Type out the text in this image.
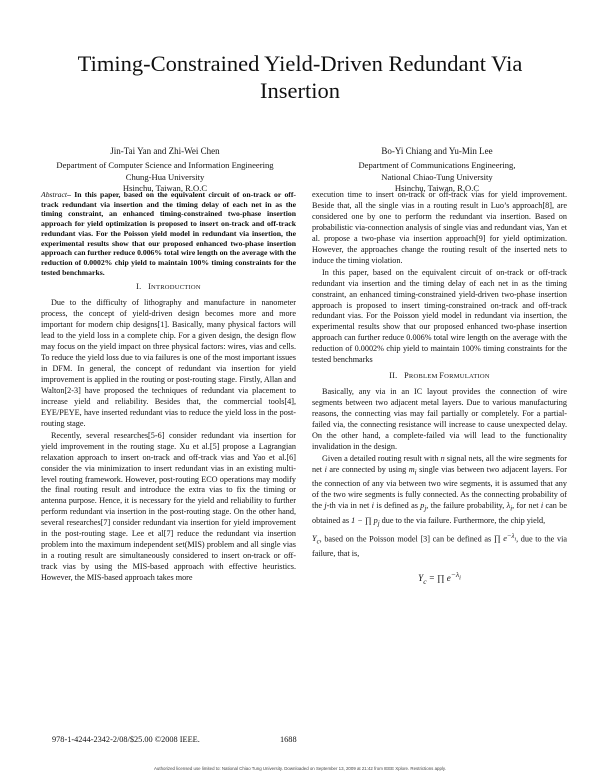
Timing-Constrained Yield-Driven Redundant Via Insertion
Jin-Tai Yan and Zhi-Wei Chen
Department of Computer Science and Information Engineering
Chung-Hua University
Hsinchu, Taiwan, R.O.C
Bo-Yi Chiang and Yu-Min Lee
Department of Communications Engineering,
National Chiao-Tung University
Hsinchu, Taiwan, R.O.C

Abstract– In this paper, based on the equivalent circuit of on-track or off-track redundant via insertion and the timing delay of each net in as the timing constraint, an enhanced timing-constrained two-phase insertion approach for yield optimization is proposed to insert on-track and off-track redundant vias. For the Poisson yield model in redundant via insertion, the experimental results show that our proposed enhanced two-phase insertion approach can further reduce 0.006% total wire length on the average with the reduction of 0.0002% chip yield to maintain 100% timing constraints for the tested benchmarks.

I. INTRODUCTION

Due to the difficulty of lithography and manufacture in nanometer process, the concept of yield-driven design becomes more and more important for modern chip designs[1]. Basically, many physical factors will lead to the yield loss in a complete chip. For a given design, the design flow may focus on the yield impact on three physical factors: wires, vias and cells. To reduce the yield loss due to via failures is one of the most important issues in DFM. In general, the concept of redundant via insertion for yield improvement is applied in the routing or post-routing stage. Firstly, Allan and Walton[2-3] have proposed the techniques of redundant via placement to increase yield and reliability. Besides that, the commercial tools[4], EYE/PEYE, have inserted redundant vias to reduce the yield loss in the post-routing stage.

Recently, several researches[5-6] consider redundant via insertion for yield improvement in the routing stage. Xu et al.[5] propose a Lagrangian relaxation approach to insert on-track and off-track vias and Yao et al.[6] consider the via minimization to insert redundant vias in an existing multi-level routing framework. However, post-routing ECO operations may modify the final routing result and introduce the extra vias to fix the timing or antenna purpose. Hence, it is necessary for the yield and reliability to further perform redundant via insertion in the post-routing stage. On the other hand, several researches[7] consider redundant via insertion for yield improvement in the post-routing stage. Lee et al[7] reduce the redundant via insertion problem into the maximum independent set(MIS) problem and all single vias in a routing result are simultaneously considered to insert on-track or off-track vias by using the MIS-based approach with effective heuristics. However, the MIS-based approach takes more

execution time to insert on-track or off-track vias for yield improvement. Beside that, all the single vias in a routing result in Luo’s approach[8], are considered one by one to perform the redundant via insertion. Based on probabilistic via-connection analysis of single vias and redundant vias, Yan et al. propose a two-phase via insertion approach[9] for yield optimization. However, the approaches change the routing result of the inserted nets to induce the timing violation.

In this paper, based on the equivalent circuit of on-track or off-track redundant via insertion and the timing delay of each net in as the timing constraint, an enhanced timing-constrained yield-driven two-phase insertion approach is proposed to insert timing-constrained on-track and off-track redundant vias. For the Poisson yield model in redundant via insertion, the experimental results show that our proposed enhanced two-phase insertion approach can further reduce 0.006% total wire length on the average with the reduction of 0.0002% chip yield to maintain 100% timing constraints for the tested benchmarks

II. PROBLEM FORMULATION

Basically, any via in an IC layout provides the connection of wire segments between two adjacent metal layers. Due to various manufacturing reasons, the connecting vias may fail partially or completely. For a partial-failed via, the connecting resistance will increase to cause unexpected delay. On the other hand, a complete-failed via will lead to the functionality invalidation in the design.

Given a detailed routing result with n signal nets, all the wire segments for net i are connected by using $m_i$ single vias between two adjacent layers. For the connection of any via between two wire segments, it is assumed that any of the two wire segments is fully connected. As the connecting probability of the j-th via in net i is defined as $p_j$, the failure probability, $\lambda_i$, for net i can be obtained as 1 − ∏ $p_j$ due to the via failure. Furthermore, the chip yield,

$Y_c$, based on the Poisson model [3] can be defined as ∏ $e^{-\lambda_i}$, due to the via failure, that is,

$Y_c$ = ∏ $e^{-\lambda_i}$
978-1-4244-2342-2/08/$25.00 ©2008 IEEE.	1688
Authorized licensed use limited to: National Chiao Tung University. Downloaded on September 13, 2009 at 21:42 from IEEE Xplore. Restrictions apply.
